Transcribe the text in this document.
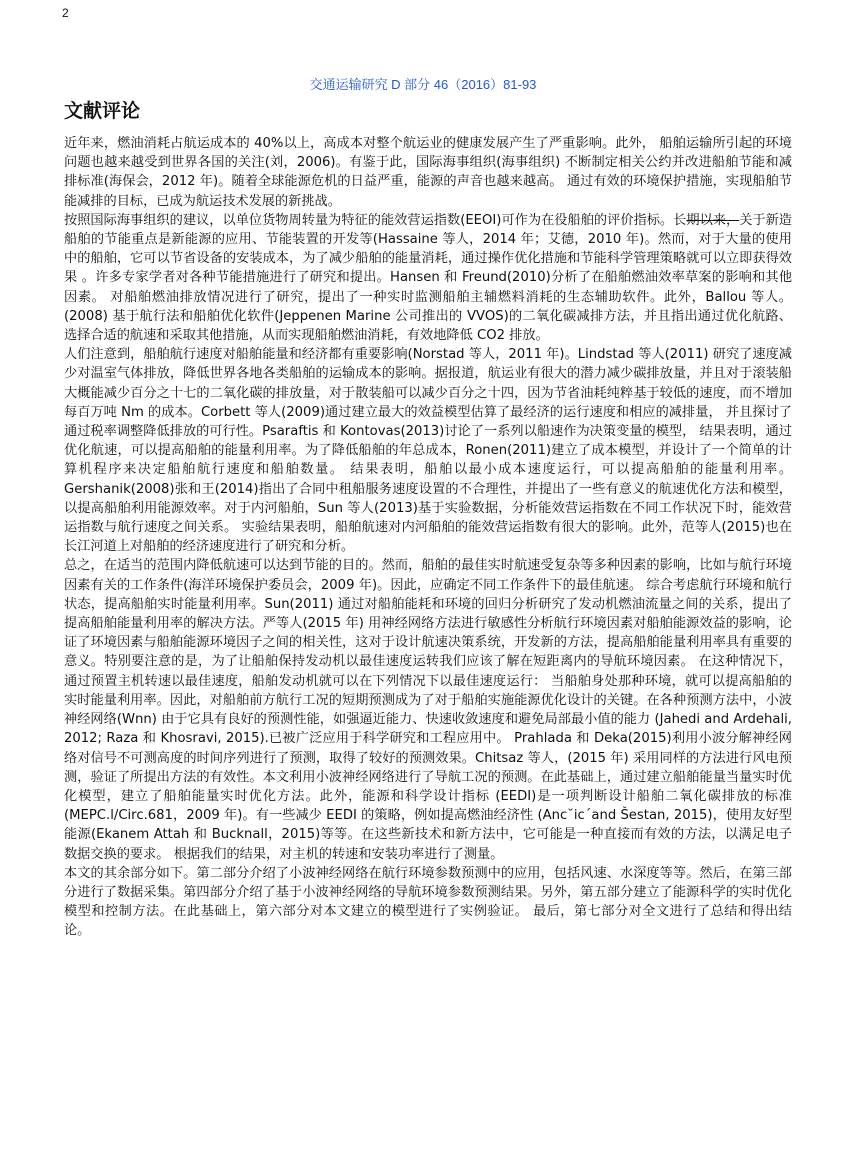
2
交通运输研究 D 部分 46（2016）81-93
文献评论

近年来，燃油消耗占航运成本的 40%以上，高成本对整个航运业的健康发展产生了严重影响。此外， 船舶运输所引起的环境问题也越来越受到世界各国的关注(刘，2006)。有鉴于此，国际海事组织(海事组织) 不断制定相关公约并改进船舶节能和减排标准(海保会，2012 年)。随着全球能源危机的日益严重，能源的声音也越来越高。 通过有效的环境保护措施，实现船舶节能减排的目标，已成为航运技术发展的新挑战。

按照国际海事组织的建议，以单位货物周转量为特征的能效营运指数(EEOI)可作为在役船舶的评价指标。长期以来，关于新造船舶的节能重点是新能源的应用、节能装置的开发等(Hassaine 等人，2014 年；艾德，2010 年)。然而，对于大量的使用中的船舶，它可以节省设备的安装成本，为了减少船舶的能量消耗，通过操作优化措施和节能科学管理策略就可以立即获得效果 。许多专家学者对各种节能措施进行了研究和提出。Hansen 和 Freund(2010)分析了在船舶燃油效率草案的影响和其他因素。 对船舶燃油排放情况进行了研究，提出了一种实时监测船舶主辅燃料消耗的生态辅助软件。此外，Ballou 等人。(2008) 基于航行法和船舶优化软件(Jeppenen Marine 公司推出的 VVOS)的二氧化碳减排方法，并且指出通过优化航路、选择合适的航速和采取其他措施，从而实现船舶燃油消耗，有效地降低 CO2 排放。

人们注意到，船舶航行速度对船舶能量和经济都有重要影响(Norstad 等人，2011 年)。Lindstad 等人(2011) 研究了速度减少对温室气体排放，降低世界各地各类船舶的运输成本的影响。据报道，航运业有很大的潜力减少碳排放量，并且对于滚装船大概能减少百分之十七的二氧化碳的排放量，对于散装船可以减少百分之十四，因为节省油耗纯粹基于较低的速度，而不增加 每百万吨 Nm 的成本。Corbett 等人(2009)通过建立最大的效益模型估算了最经济的运行速度和相应的减排量， 并且探讨了通过税率调整降低排放的可行性。Psaraftis 和 Kontovas(2013)讨论了一系列以船速作为决策变量的模型， 结果表明，通过优化航速，可以提高船舶的能量利用率。为了降低船舶的年总成本，Ronen(2011)建立了成本模型，并设计了一个简单的计算机程序来决定船舶航行速度和船舶数量。 结果表明，船舶以最小成本速度运行，可以提高船舶的能量利用率。Gershanik(2008)张和王(2014)指出了合同中租船服务速度设置的不合理性，并提出了一些有意义的航速优化方法和模型，以提高船舶利用能源效率。对于内河船舶，Sun 等人(2013)基于实验数据，分析能效营运指数在不同工作状况下时，能效营运指数与航行速度之间关系。 实验结果表明，船舶航速对内河船舶的能效营运指数有很大的影响。此外，范等人(2015)也在长江河道上对船舶的经济速度进行了研究和分析。

总之，在适当的范围内降低航速可以达到节能的目的。然而，船舶的最佳实时航速受复杂等多种因素的影响，比如与航行环境因素有关的工作条件(海洋环境保护委员会，2009 年)。因此，应确定不同工作条件下的最佳航速。 综合考虑航行环境和航行状态，提高船舶实时能量利用率。Sun(2011) 通过对船舶能耗和环境的回归分析研究了发动机燃油流量之间的关系，提出了提高船舶能量利用率的解决方法。严等人(2015 年) 用神经网络方法进行敏感性分析航行环境因素对船舶能源效益的影响，论证了环境因素与船舶能源环境因子之间的相关性，这对于设计航速决策系统，开发新的方法，提高船舶能量利用率具有重要的意义。特别要注意的是，为了让船舶保持发动机以最佳速度运转我们应该了解在短距离内的导航环境因素。 在这种情况下，通过预置主机转速以最佳速度，船舶发动机就可以在下列情况下以最佳速度运行： 当船舶身处那种环境，就可以提高船舶的实时能量利用率。因此，对船舶前方航行工况的短期预测成为了对于船舶实施能源优化设计的关键。在各种预测方法中，小波神经网络(Wnn) 由于它具有良好的预测性能，如强逼近能力、快速收敛速度和避免局部最小值的能力 (Jahedi and Ardehali, 2012; Raza 和 Khosravi, 2015).已被广泛应用于科学研究和工程应用中。 Prahlada 和 Deka(2015)利用小波分解神经网络对信号不可测高度的时间序列进行了预测，取得了较好的预测效果。Chitsaz 等人，(2015 年) 采用同样的方法进行风电预测，验证了所提出方法的有效性。本文利用小波神经网络进行了导航工况的预测。在此基础上，通过建立船舶能量当量实时优化模型，建立了船舶能量实时优化方法。此外，能源和科学设计指标 (EEDI)是一项判断设计船舶二氧化碳排放的标准(MEPC.l/Circ.681，2009 年)。有一些减少 EEDI 的策略，例如提高燃油经济性 (Anc˘ic´and Šestan, 2015)，使用友好型能源(Ekanem Attah 和 Bucknall，2015)等等。在这些新技术和新方法中，它可能是一种直接而有效的方法，以满足电子数据交换的要求。 根据我们的结果，对主机的转速和安装功率进行了测量。

本文的其余部分如下。第二部分介绍了小波神经网络在航行环境参数预测中的应用，包括风速、水深度等等。然后，在第三部分进行了数据采集。第四部分介绍了基于小波神经网络的导航环境参数预测结果。另外，第五部分建立了能源科学的实时优化模型和控制方法。在此基础上，第六部分对本文建立的模型进行了实例验证。 最后，第七部分对全文进行了总结和得出结论。
